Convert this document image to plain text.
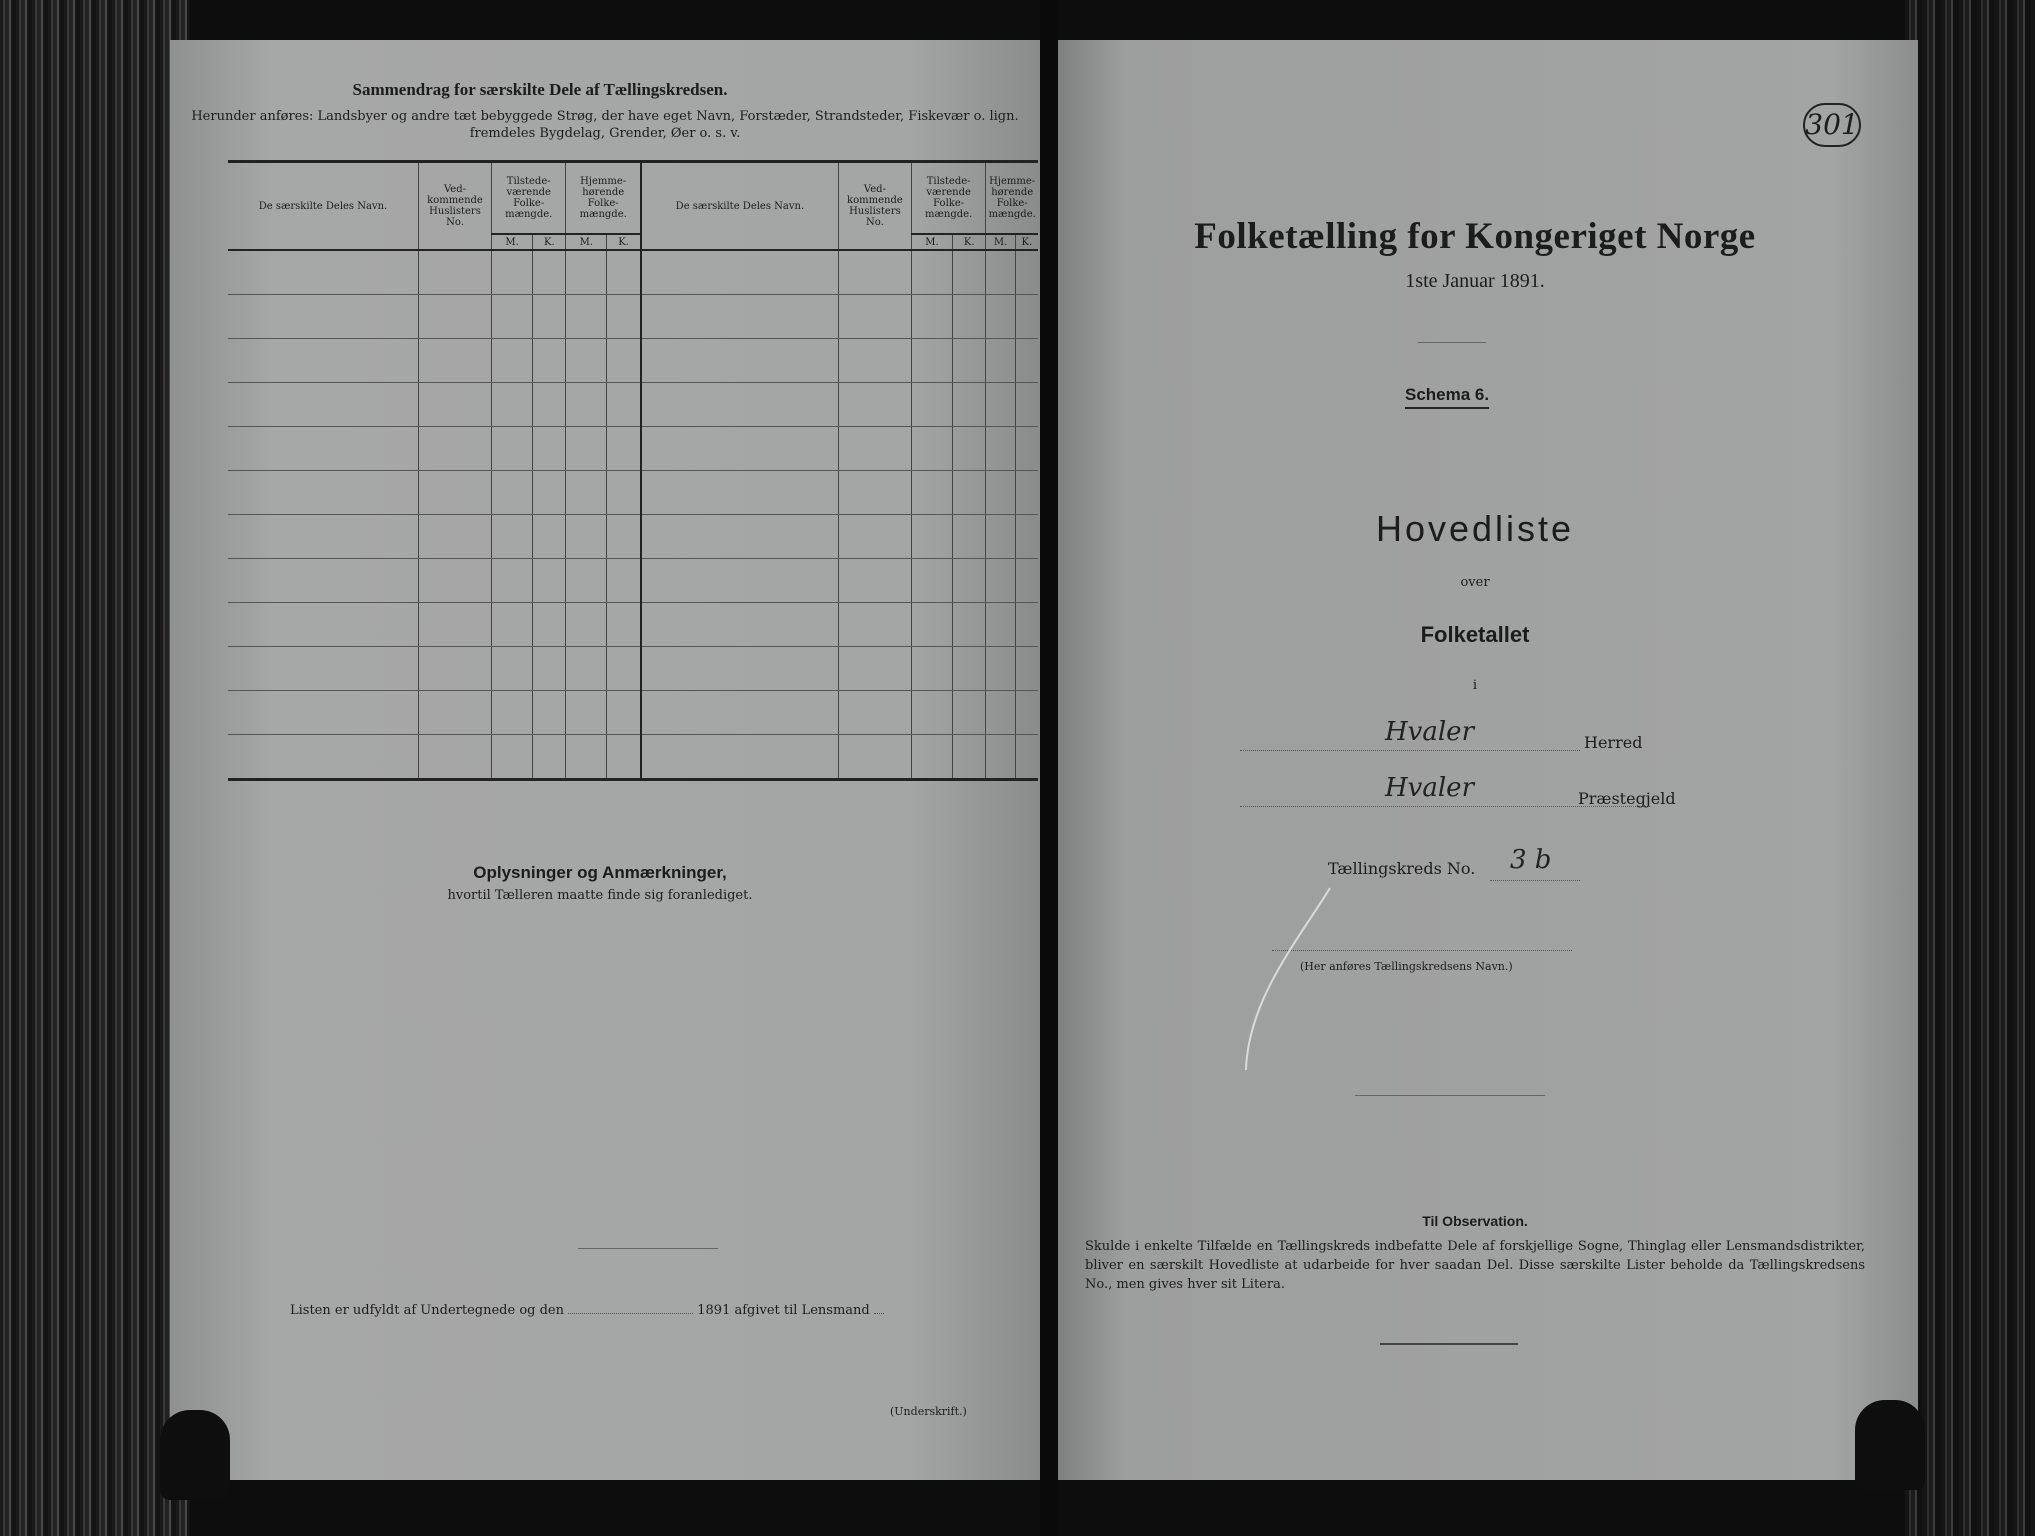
Sammendrag for særskilte Dele af Tællingskredsen.
Herunder anføres: Landsbyer og andre tæt bebyggede Strøg, der have eget Navn, Forstæder, Strandsteder, Fiskevær o. lign.
fremdeles Bygdelag, Grender, Øer o. s. v.
De særskilte Deles Navn.	Ved-kommende Huslisters No.	Tilstede-værende Folke-mængde.		Hjemme-hørende Folke-mængde.		De særskilte Deles Navn.	Ved-kommende Huslisters No.	Tilstede-værende Folke-mængde.		Hjemme-hørende Folke-mængde.	
		M.	K.	M.	K.			M.	K.	M.	K.

Oplysninger og Anmærkninger,
hvortil Tælleren maatte finde sig foranlediget.
Listen er udfyldt af Undertegnede og den	1891 afgivet til Lensmand
(Underskrift.)
301
Folketælling for Kongeriget Norge
1ste Januar 1891.
Schema 6.
Hovedliste
over
Folketallet
i
Hvaler	Herred
Hvaler	Præstegjeld
Tællingskreds No. 3 b
(Her anføres Tællingskredsens Navn.)
Til Observation.
Skulde i enkelte Tilfælde en Tællingskreds indbefatte Dele af forskjellige Sogne, Thinglag eller Lensmandsdistrikter, bliver en særskilt Hovedliste at udarbeide for hver saadan Del. Disse særskilte Lister beholde da Tællingskredsens No., men gives hver sit Litera.
